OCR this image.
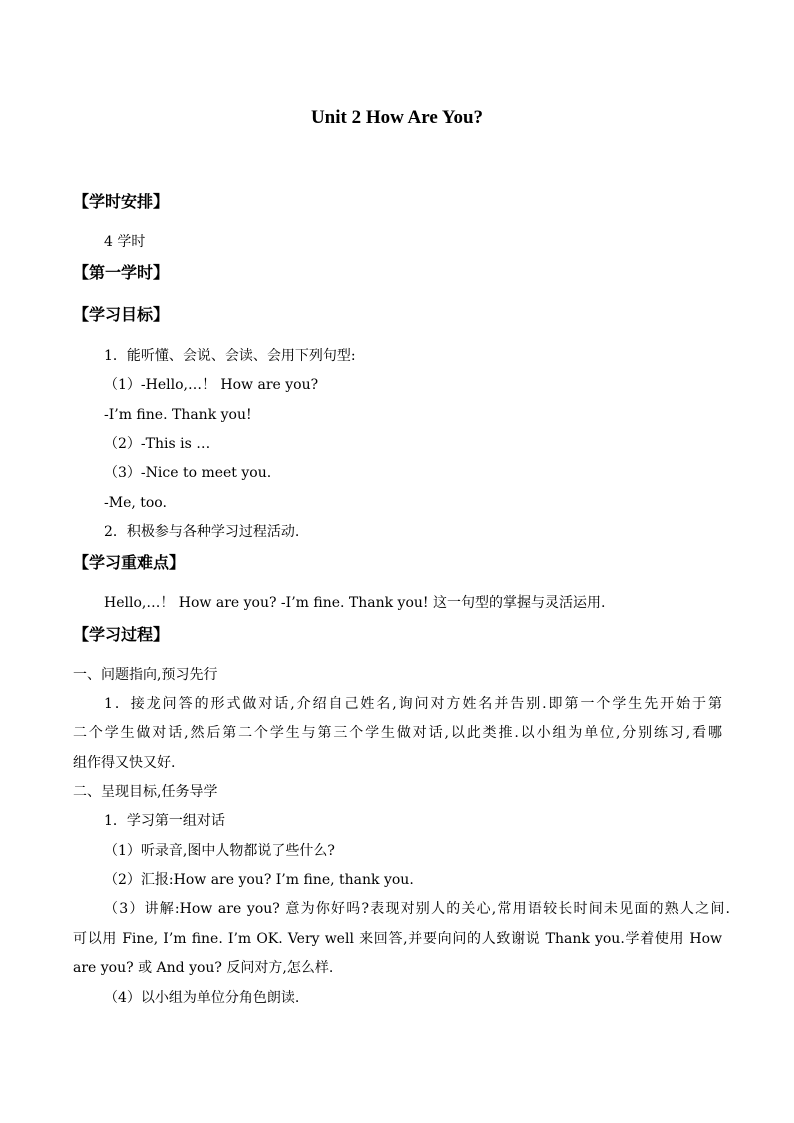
Unit 2 How Are You?
【学时安排】
4 学时
【第一学时】
【学习目标】
1．能听懂、会说、会读、会用下列句型:
（1）-Hello,…！ How are you?
-I’m fine. Thank you!
（2）-This is …
（3）-Nice to meet you.
-Me, too.
2．积极参与各种学习过程活动.
【学习重难点】
Hello,…！ How are you? -I’m fine. Thank you! 这一句型的掌握与灵活运用.
【学习过程】
一、问题指向,预习先行
1．接龙问答的形式做对话,介绍自己姓名,询问对方姓名并告别.即第一个学生先开始于第
二个学生做对话,然后第二个学生与第三个学生做对话,以此类推.以小组为单位,分别练习,看哪
组作得又快又好.
二、呈现目标,任务导学
1．学习第一组对话
（1）听录音,图中人物都说了些什么?
（2）汇报:How are you? I’m fine, thank you.
（3）讲解:How are you? 意为你好吗?表现对别人的关心,常用语较长时间未见面的熟人之间.
可以用 Fine, I’m fine. I’m OK. Very well 来回答,并要向问的人致谢说 Thank you.学着使用 How
are you? 或 And you? 反问对方,怎么样.
（4）以小组为单位分角色朗读.
